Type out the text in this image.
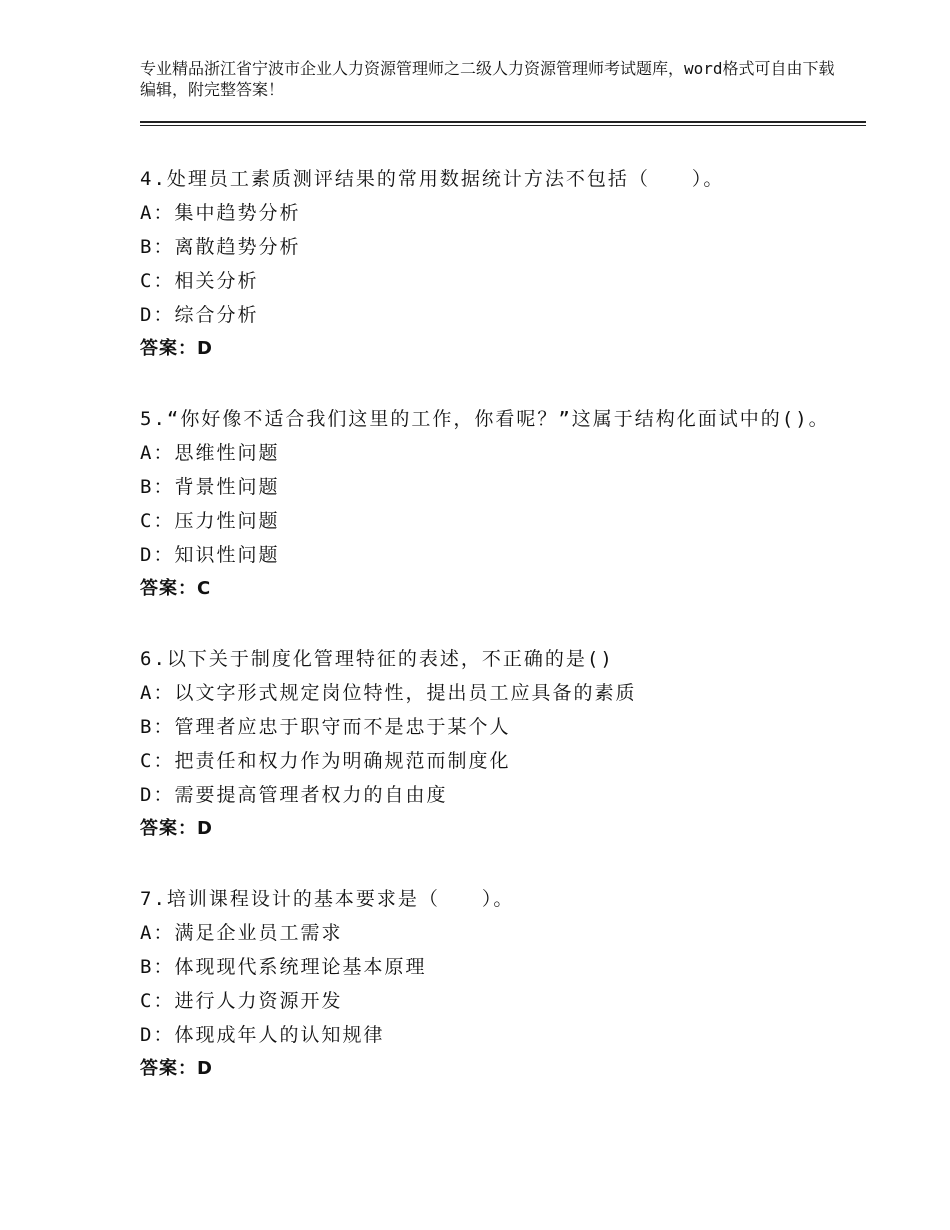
专业精品浙江省宁波市企业人力资源管理师之二级人力资源管理师考试题库，word格式可自由下载编辑，附完整答案！
4.处理员工素质测评结果的常用数据统计方法不包括（　　）。
A：集中趋势分析
B：离散趋势分析
C：相关分析
D：综合分析
答案：D
5.“你好像不适合我们这里的工作，你看呢？”这属于结构化面试中的()。
A：思维性问题
B：背景性问题
C：压力性问题
D：知识性问题
答案：C
6.以下关于制度化管理特征的表述，不正确的是()
A：以文字形式规定岗位特性，提出员工应具备的素质
B：管理者应忠于职守而不是忠于某个人
C：把责任和权力作为明确规范而制度化
D：需要提高管理者权力的自由度
答案：D
7.培训课程设计的基本要求是（　　）。
A：满足企业员工需求
B：体现现代系统理论基本原理
C：进行人力资源开发
D：体现成年人的认知规律
答案：D
